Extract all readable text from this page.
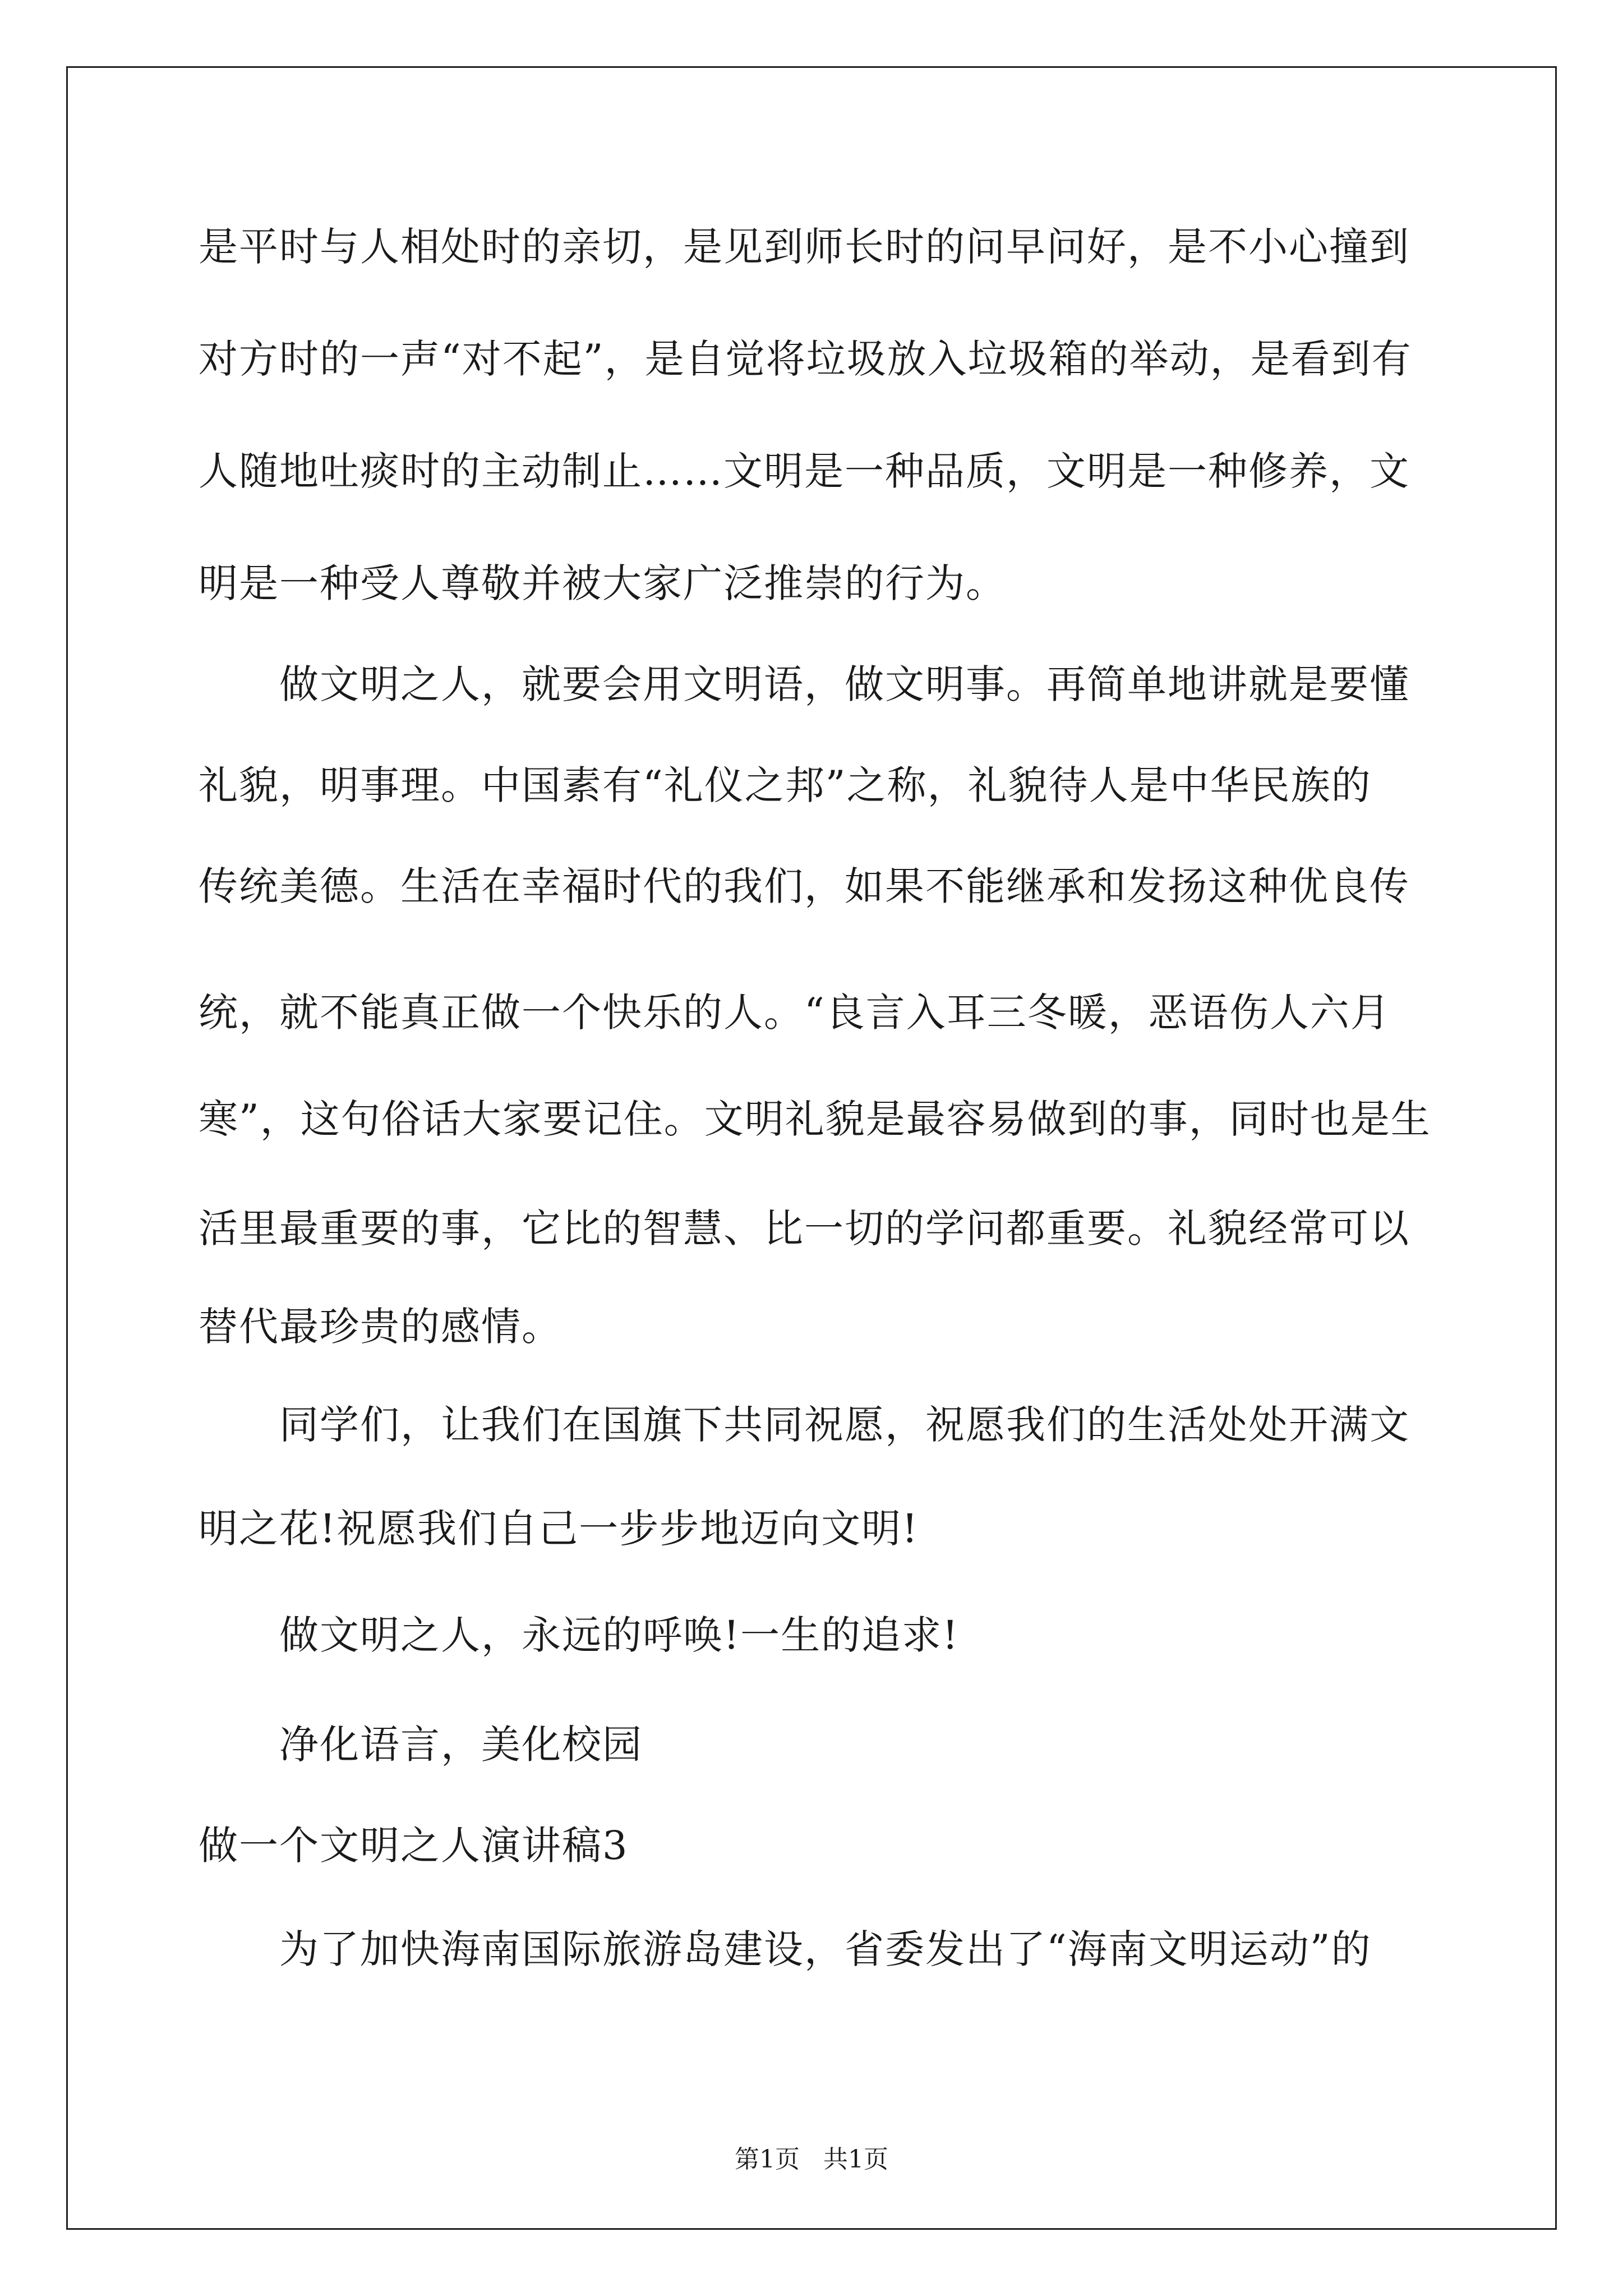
是平时与人相处时的亲切，是见到师长时的问早问好，是不小心撞到
对方时的一声“对不起”，是自觉将垃圾放入垃圾箱的举动，是看到有
人随地吐痰时的主动制止……文明是一种品质，文明是一种修养，文
明是一种受人尊敬并被大家广泛推崇的行为。
　　做文明之人，就要会用文明语，做文明事。再简单地讲就是要懂
礼貌，明事理。中国素有“礼仪之邦”之称，礼貌待人是中华民族的
传统美德。生活在幸福时代的我们，如果不能继承和发扬这种优良传
统，就不能真正做一个快乐的人。“良言入耳三冬暖，恶语伤人六月
寒”，这句俗话大家要记住。文明礼貌是最容易做到的事，同时也是生
活里最重要的事，它比的智慧、比一切的学问都重要。礼貌经常可以
替代最珍贵的感情。
　　同学们，让我们在国旗下共同祝愿，祝愿我们的生活处处开满文
明之花!祝愿我们自己一步步地迈向文明!
　　做文明之人，永远的呼唤!一生的追求!
　　净化语言，美化校园
做一个文明之人演讲稿3
　　为了加快海南国际旅游岛建设，省委发出了“海南文明运动”的
第1页   共1页
